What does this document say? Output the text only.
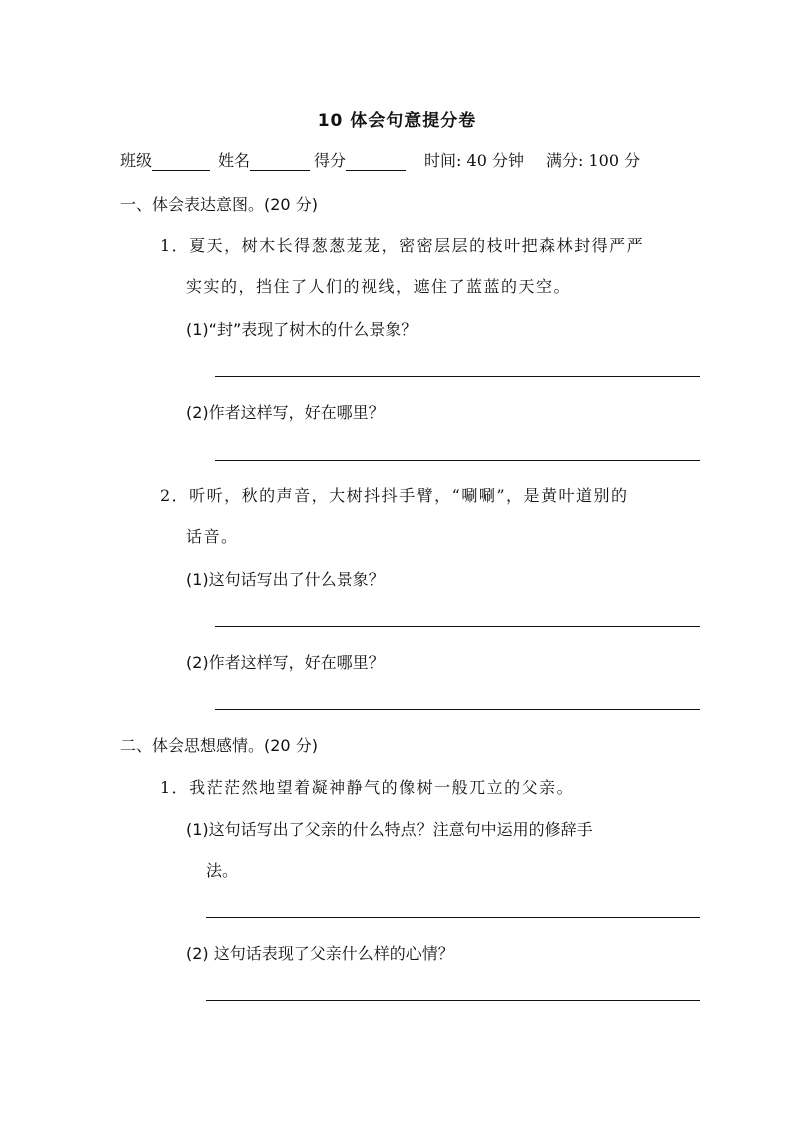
10 体会句意提分卷
班级	姓名	得分	时间: 40 分钟 满分: 100 分
一、体会表达意图。(20 分)
1．夏天，树木长得葱葱茏茏，密密层层的枝叶把森林封得严严
实实的，挡住了人们的视线，遮住了蓝蓝的天空。
(1)“封”表现了树木的什么景象？
(2)作者这样写，好在哪里？
2．听听，秋的声音，大树抖抖手臂，“唰唰”，是黄叶道别的
话音。
(1)这句话写出了什么景象？
(2)作者这样写，好在哪里？
二、体会思想感情。(20 分)
1．我茫茫然地望着凝神静气的像树一般兀立的父亲。
(1)这句话写出了父亲的什么特点？注意句中运用的修辞手
法。
(2) 这句话表现了父亲什么样的心情？
